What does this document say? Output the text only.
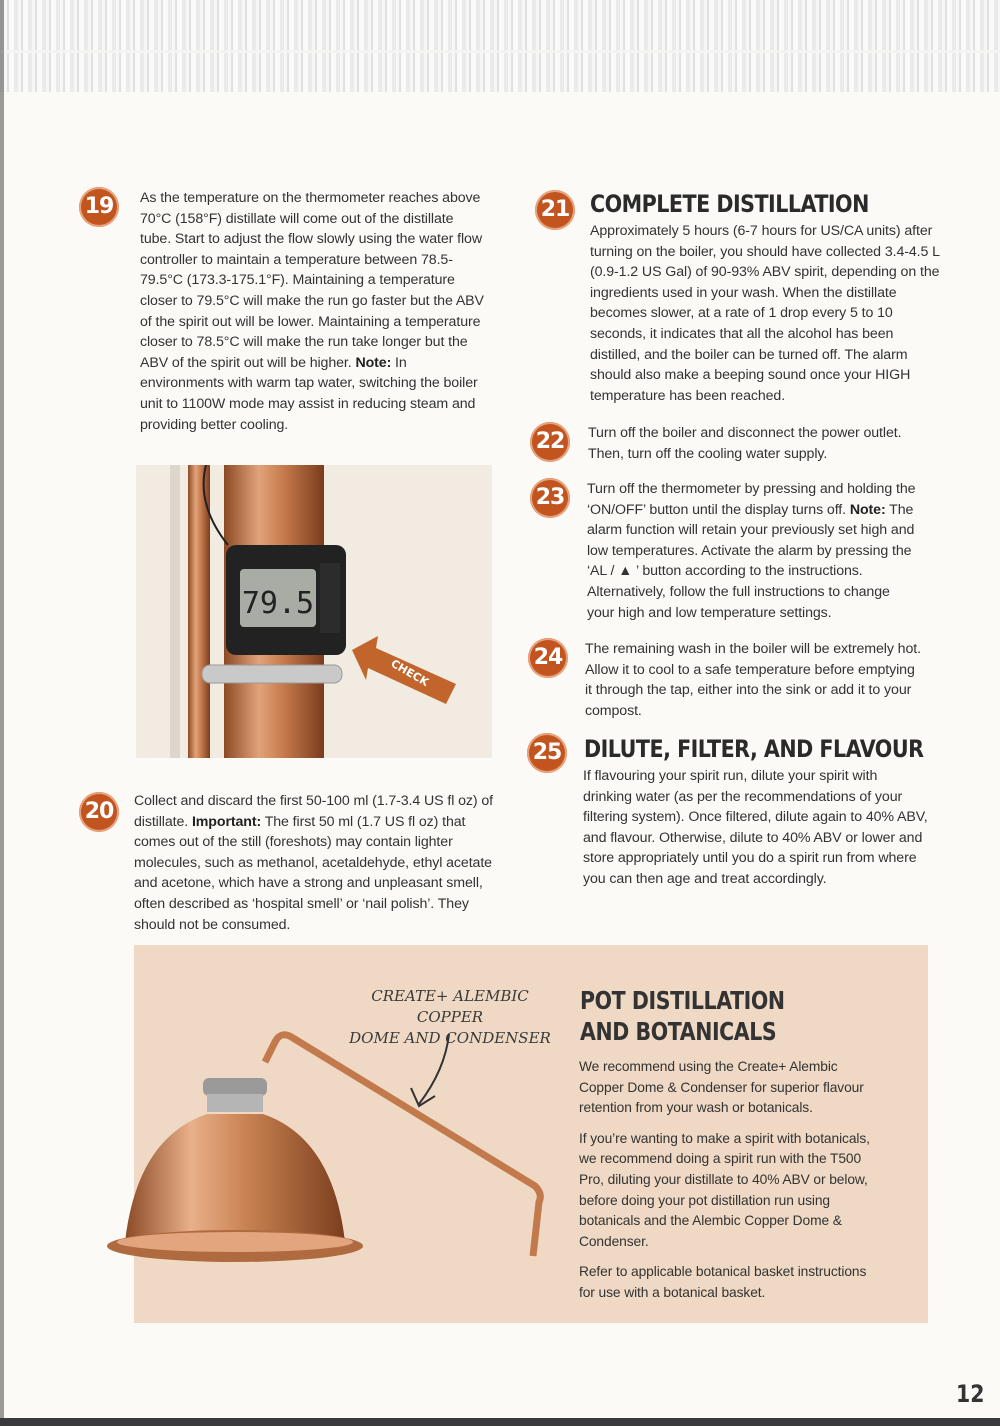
19	As the temperature on the thermometer reaches above 70°C (158°F) distillate will come out of the distillate tube. Start to adjust the flow slowly using the water flow controller to maintain a temperature between 78.5-79.5°C (173.3-175.1°F). Maintaining a temperature closer to 79.5°C will make the run go faster but the ABV of the spirit out will be lower. Maintaining a temperature closer to 78.5°C will make the run take longer but the ABV of the spirit out will be higher. Note: In environments with warm tap water, switching the boiler unit to 1100W mode may assist in reducing steam and providing better cooling.

79.5
CHECK
20	Collect and discard the first 50-100 ml (1.7-3.4 US fl oz) of distillate. Important: The first 50 ml (1.7 US fl oz) that comes out of the still (foreshots) may contain lighter molecules, such as methanol, acetaldehyde, ethyl acetate and acetone, which have a strong and unpleasant smell, often described as ‘hospital smell’ or ‘nail polish’. They should not be consumed.

21 COMPLETE DISTILLATION

Approximately 5 hours (6-7 hours for US/CA units) after turning on the boiler, you should have collected 3.4-4.5 L (0.9-1.2 US Gal) of 90-93% ABV spirit, depending on the ingredients used in your wash. When the distillate becomes slower, at a rate of 1 drop every 5 to 10 seconds, it indicates that all the alcohol has been distilled, and the boiler can be turned off. The alarm should also make a beeping sound once your HIGH temperature has been reached.

22	Turn off the boiler and disconnect the power outlet. Then, turn off the cooling water supply.

23	Turn off the thermometer by pressing and holding the ‘ON/OFF’ button until the display turns off. Note: The alarm function will retain your previously set high and low temperatures. Activate the alarm by pressing the ‘AL / ▲ ’ button according to the instructions. Alternatively, follow the full instructions to change your high and low temperature settings.

24	The remaining wash in the boiler will be extremely hot. Allow it to cool to a safe temperature before emptying it through the tap, either into the sink or add it to your compost.

25 DILUTE, FILTER, AND FLAVOUR

If flavouring your spirit run, dilute your spirit with drinking water (as per the recommendations of your filtering system). Once filtered, dilute again to 40% ABV, and flavour. Otherwise, dilute to 40% ABV or lower and store appropriately until you do a spirit run from where you can then age and treat accordingly.

CREATE+ ALEMBIC COPPER
DOME AND CONDENSER
POT DISTILLATION
AND BOTANICALS

We recommend using the Create+ Alembic Copper Dome & Condenser for superior flavour retention from your wash or botanicals.

If you’re wanting to make a spirit with botanicals, we recommend doing a spirit run with the T500 Pro, diluting your distillate to 40% ABV or below, before doing your pot distillation run using botanicals and the Alembic Copper Dome & Condenser.

Refer to applicable botanical basket instructions for use with a botanical basket.

12
